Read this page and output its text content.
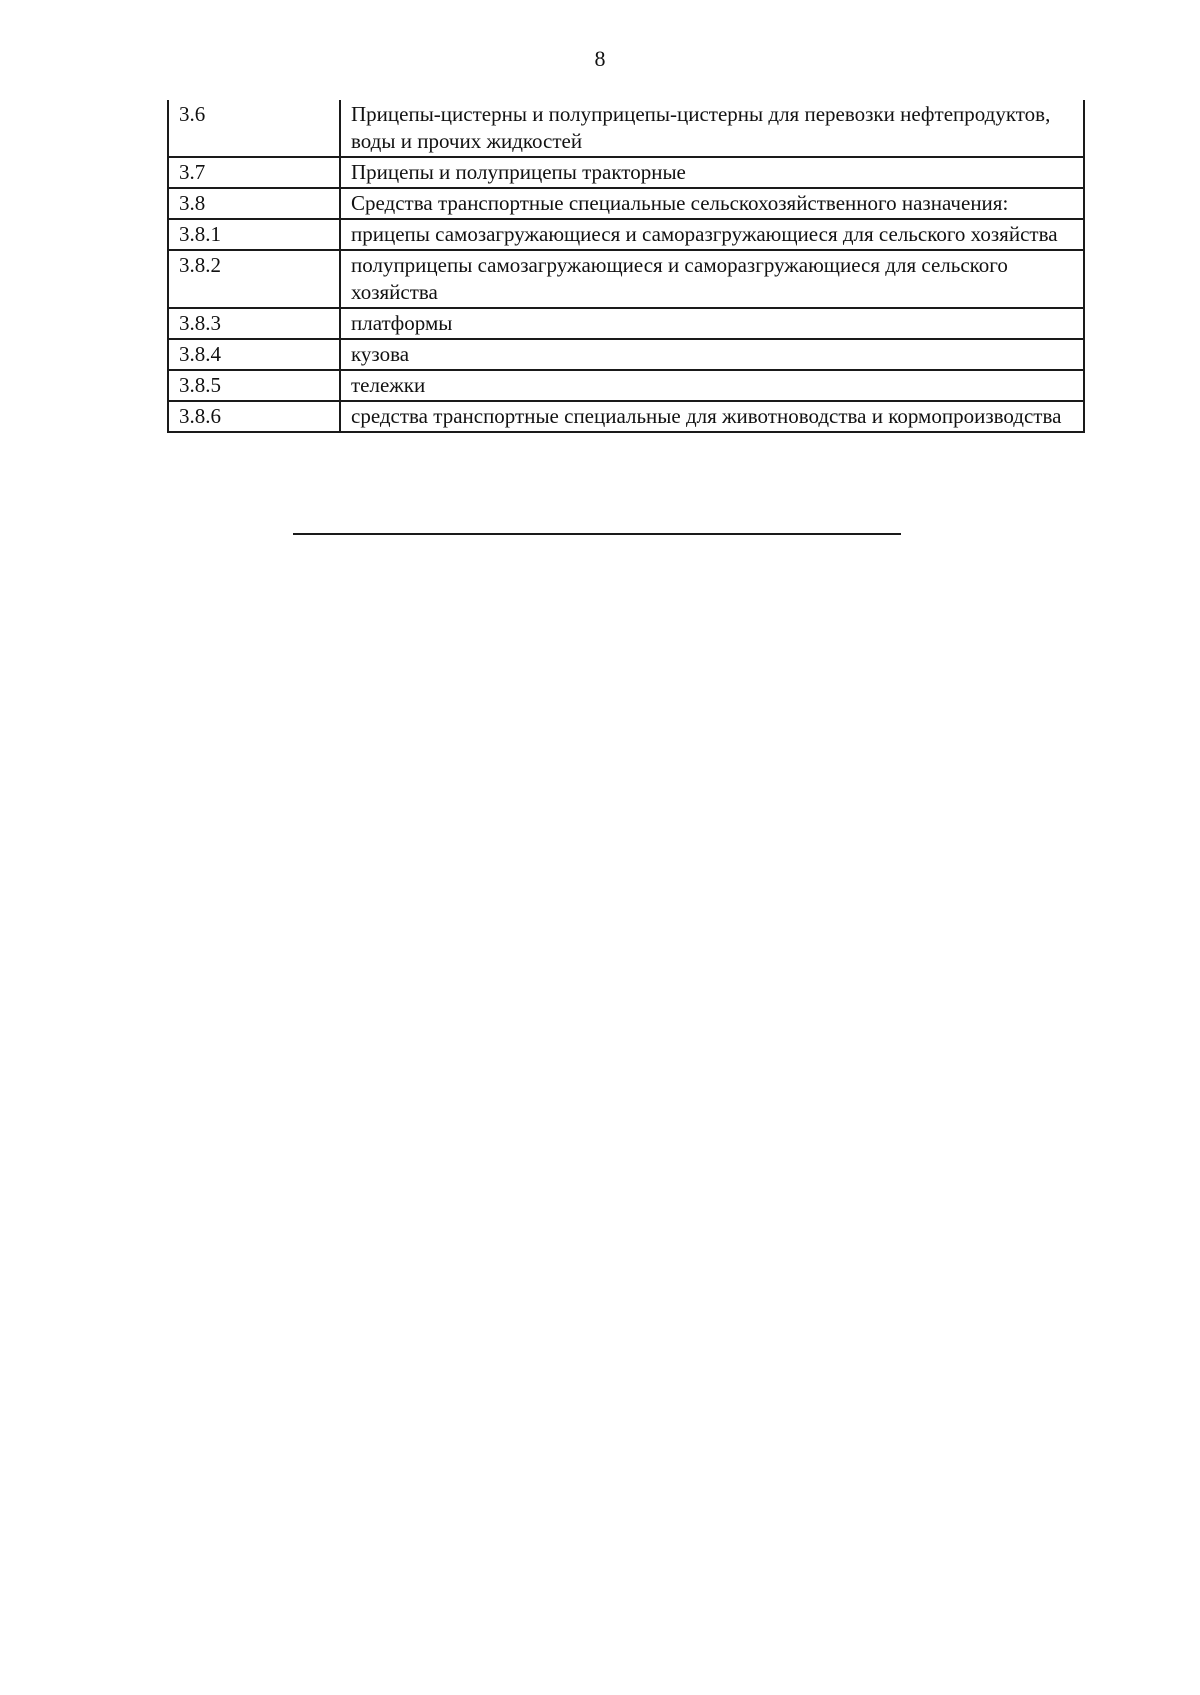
8
3.6	Прицепы-цистерны и полуприцепы-цистерны для перевозки нефтепродуктов, воды и прочих жидкостей
3.7	Прицепы и полуприцепы тракторные
3.8	Средства транспортные специальные сельскохозяйственного назначения:
3.8.1	прицепы самозагружающиеся и саморазгружающиеся для сельского хозяйства
3.8.2	полуприцепы самозагружающиеся и саморазгружающиеся для сельского хозяйства
3.8.3	платформы
3.8.4	кузова
3.8.5	тележки
3.8.6	средства транспортные специальные для животноводства и кормопроизводства
